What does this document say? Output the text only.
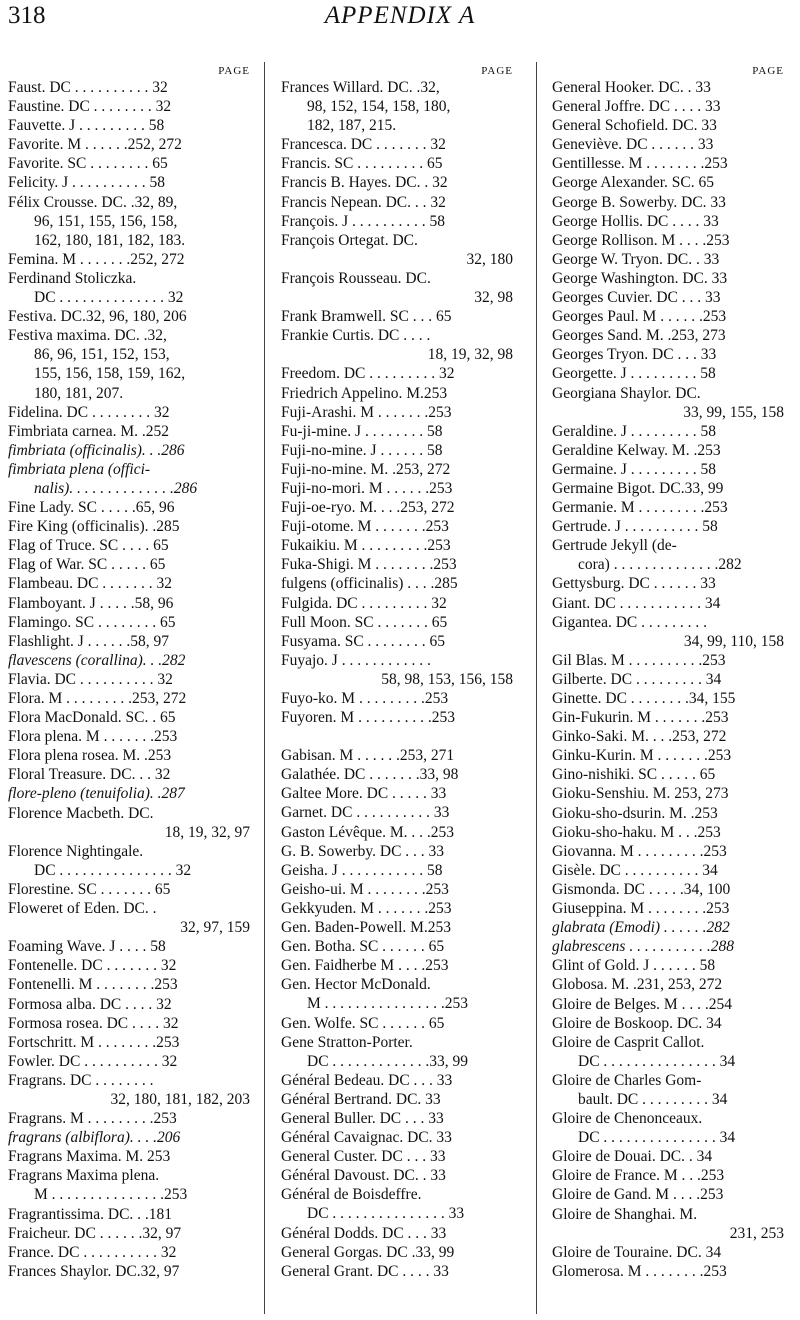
318	APPENDIX A
PAGE
Faust. DC . . . . . . . . . . 32
Faustine. DC . . . . . . . . 32
Fauvette. J . . . . . . . . . 58
Favorite. M . . . . . .252, 272
Favorite. SC . . . . . . . . 65
Felicity. J . . . . . . . . . . 58
Félix Crousse. DC. .32, 89,
96, 151, 155, 156, 158,
162, 180, 181, 182, 183.
Femina. M . . . . . . .252, 272
Ferdinand Stoliczka.
DC . . . . . . . . . . . . . . 32
Festiva. DC.32, 96, 180, 206
Festiva maxima. DC. .32,
86, 96, 151, 152, 153,
155, 156, 158, 159, 162,
180, 181, 207.
Fidelina. DC . . . . . . . . 32
Fimbriata carnea. M. .252
fimbriata (officinalis). . .286
fimbriata plena (offici-
nalis). . . . . . . . . . . . . .286
Fine Lady. SC . . . . .65, 96
Fire King (officinalis). .285
Flag of Truce. SC . . . . 65
Flag of War. SC . . . . . 65
Flambeau. DC . . . . . . . 32
Flamboyant. J . . . . .58, 96
Flamingo. SC . . . . . . . . 65
Flashlight. J . . . . . .58, 97
flavescens (corallina). . .282
Flavia. DC . . . . . . . . . . 32
Flora. M . . . . . . . . .253, 272
Flora MacDonald. SC. . 65
Flora plena. M . . . . . . .253
Flora plena rosea. M. .253
Floral Treasure. DC. . . 32
flore-pleno (tenuifolia). .287
Florence Macbeth. DC.
18, 19, 32, 97
Florence Nightingale.
DC . . . . . . . . . . . . . . . 32
Florestine. SC . . . . . . . 65
Floweret of Eden. DC. .
32, 97, 159
Foaming Wave. J . . . . 58
Fontenelle. DC . . . . . . . 32
Fontenelli. M . . . . . . . .253
Formosa alba. DC . . . . 32
Formosa rosea. DC . . . . 32
Fortschritt. M . . . . . . . .253
Fowler. DC . . . . . . . . . . 32
Fragrans. DC . . . . . . . .
32, 180, 181, 182, 203
Fragrans. M . . . . . . . . .253
fragrans (albiflora). . . .206
Fragrans Maxima. M. 253
Fragrans Maxima plena.
M . . . . . . . . . . . . . . .253
Fragrantissima. DC. . .181
Fraicheur. DC . . . . . .32, 97
France. DC . . . . . . . . . . 32
Frances Shaylor. DC.32, 97
PAGE
Frances Willard. DC. .32,
98, 152, 154, 158, 180,
182, 187, 215.
Francesca. DC . . . . . . . 32
Francis. SC . . . . . . . . . 65
Francis B. Hayes. DC. . 32
Francis Nepean. DC. . . 32
François. J . . . . . . . . . . 58
François Ortegat. DC.
32, 180
François Rousseau. DC.
32, 98
Frank Bramwell. SC . . . 65
Frankie Curtis. DC . . . .
18, 19, 32, 98
Freedom. DC . . . . . . . . . 32
Friedrich Appelino. M.253
Fuji-Arashi. M . . . . . . .253
Fu-ji-mine. J . . . . . . . . 58
Fuji-no-mine. J . . . . . . 58
Fuji-no-mine. M. .253, 272
Fuji-no-mori. M . . . . . .253
Fuji-oe-ryo. M. . . .253, 272
Fuji-otome. M . . . . . . .253
Fukaikiu. M . . . . . . . . .253
Fuka-Shigi. M . . . . . . . .253
fulgens (officinalis) . . . .285
Fulgida. DC . . . . . . . . . 32
Full Moon. SC . . . . . . . 65
Fusyama. SC . . . . . . . . 65
Fuyajo. J . . . . . . . . . . . .
58, 98, 153, 156, 158
Fuyo-ko. M . . . . . . . . .253
Fuyoren. M . . . . . . . . . .253
Gabisan. M . . . . . .253, 271
Galathée. DC . . . . . . .33, 98
Galtee More. DC . . . . . 33
Garnet. DC . . . . . . . . . . 33
Gaston Lévêque. M. . . .253
G. B. Sowerby. DC . . . 33
Geisha. J . . . . . . . . . . . 58
Geisho-ui. M . . . . . . . .253
Gekkyuden. M . . . . . . .253
Gen. Baden-Powell. M.253
Gen. Botha. SC . . . . . . 65
Gen. Faidherbe M . . . .253
Gen. Hector McDonald.
M . . . . . . . . . . . . . . . .253
Gen. Wolfe. SC . . . . . . 65
Gene Stratton-Porter.
DC . . . . . . . . . . . . .33, 99
Général Bedeau. DC . . . 33
Général Bertrand. DC. 33
General Buller. DC . . . 33
Général Cavaignac. DC. 33
General Custer. DC . . . 33
Général Davoust. DC. . 33
Général de Boisdeffre.
DC . . . . . . . . . . . . . . . 33
Général Dodds. DC . . . 33
General Gorgas. DC .33, 99
General Grant. DC . . . . 33
PAGE
General Hooker. DC. . 33
General Joffre. DC . . . . 33
General Schofield. DC. 33
Geneviève. DC . . . . . . 33
Gentillesse. M . . . . . . . .253
George Alexander. SC. 65
George B. Sowerby. DC. 33
George Hollis. DC . . . . 33
George Rollison. M . . . .253
George W. Tryon. DC. . 33
George Washington. DC. 33
Georges Cuvier. DC . . . 33
Georges Paul. M . . . . . .253
Georges Sand. M. .253, 273
Georges Tryon. DC . . . 33
Georgette. J . . . . . . . . . 58
Georgiana Shaylor. DC.
33, 99, 155, 158
Geraldine. J . . . . . . . . . 58
Geraldine Kelway. M. .253
Germaine. J . . . . . . . . . 58
Germaine Bigot. DC.33, 99
Germanie. M . . . . . . . . .253
Gertrude. J . . . . . . . . . . 58
Gertrude Jekyll (de-
cora) . . . . . . . . . . . . . .282
Gettysburg. DC . . . . . . 33
Giant. DC . . . . . . . . . . . 34
Gigantea. DC . . . . . . . . .
34, 99, 110, 158
Gil Blas. M . . . . . . . . . .253
Gilberte. DC . . . . . . . . . 34
Ginette. DC . . . . . . . .34, 155
Gin-Fukurin. M . . . . . . .253
Ginko-Saki. M. . . .253, 272
Ginku-Kurin. M . . . . . . .253
Gino-nishiki. SC . . . . . 65
Gioku-Senshiu. M. 253, 273
Gioku-sho-dsurin. M. .253
Gioku-sho-haku. M . . .253
Giovanna. M . . . . . . . . .253
Gisèle. DC . . . . . . . . . . 34
Gismonda. DC . . . . .34, 100
Giuseppina. M . . . . . . . .253
glabrata (Emodi) . . . . . .282
glabrescens . . . . . . . . . . .288
Glint of Gold. J . . . . . . 58
Globosa. M. .231, 253, 272
Gloire de Belges. M . . . .254
Gloire de Boskoop. DC. 34
Gloire de Casprit Callot.
DC . . . . . . . . . . . . . . . 34
Gloire de Charles Gom-
bault. DC . . . . . . . . . 34
Gloire de Chenonceaux.
DC . . . . . . . . . . . . . . . 34
Gloire de Douai. DC. . 34
Gloire de France. M . . .253
Gloire de Gand. M . . . .253
Gloire de Shanghai. M.
231, 253
Gloire de Touraine. DC. 34
Glomerosa. M . . . . . . . .253
